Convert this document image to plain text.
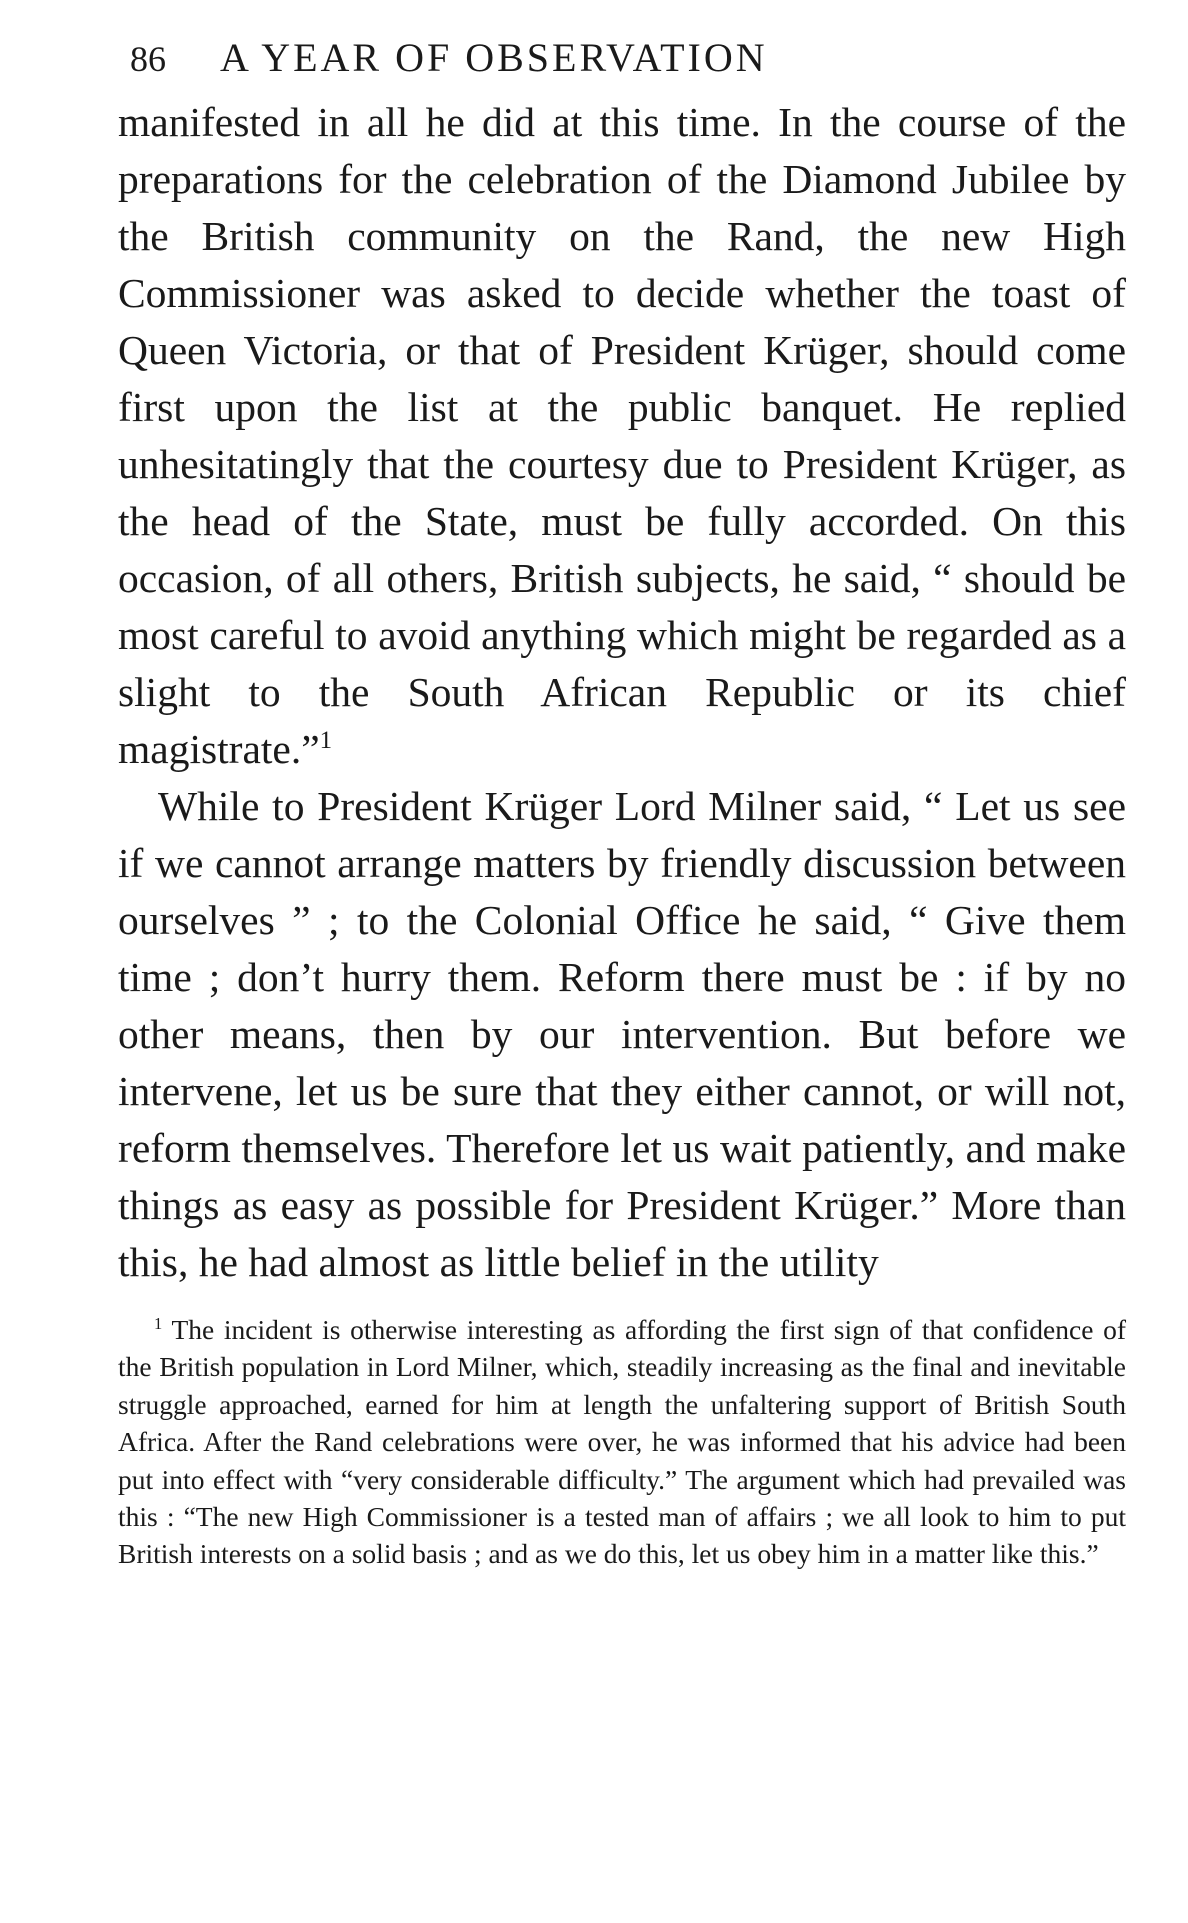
86	A YEAR OF OBSERVATION

manifested in all he did at this time. In the course of the preparations for the celebration of the Diamond Jubilee by the British community on the Rand, the new High Commissioner was asked to decide whether the toast of Queen Victoria, or that of President Krüger, should come first upon the list at the public banquet. He replied unhesitatingly that the courtesy due to President Krüger, as the head of the State, must be fully accorded. On this occasion, of all others, British subjects, he said, “ should be most careful to avoid anything which might be regarded as a slight to the South African Republic or its chief magistrate.”$^1$

While to President Krüger Lord Milner said, “ Let us see if we cannot arrange matters by friendly discussion between ourselves ” ; to the Colonial Office he said, “ Give them time ; don’t hurry them. Reform there must be : if by no other means, then by our intervention. But before we intervene, let us be sure that they either cannot, or will not, reform themselves. Therefore let us wait patiently, and make things as easy as possible for President Krüger.” More than this, he had almost as little belief in the utility

$^1$ The incident is otherwise interesting as affording the first sign of that confidence of the British population in Lord Milner, which, steadily increasing as the final and inevitable struggle approached, earned for him at length the unfaltering support of British South Africa. After the Rand celebrations were over, he was informed that his advice had been put into effect with “very considerable difficulty.” The argument which had prevailed was this : “The new High Commissioner is a tested man of affairs ; we all look to him to put British interests on a solid basis ; and as we do this, let us obey him in a matter like this.”
